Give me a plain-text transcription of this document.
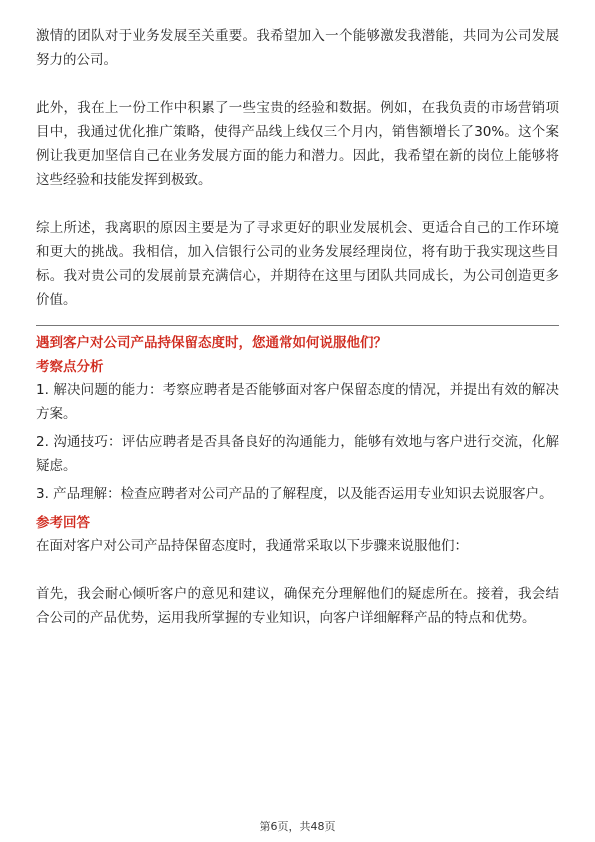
激情的团队对于业务发展至关重要。我希望加入一个能够激发我潜能，共同为公司发展努力的公司。

此外，我在上一份工作中积累了一些宝贵的经验和数据。例如，在我负责的市场营销项目中，我通过优化推广策略，使得产品线上线仅三个月内，销售额增长了30%。这个案例让我更加坚信自己在业务发展方面的能力和潜力。因此，我希望在新的岗位上能够将这些经验和技能发挥到极致。

综上所述，我离职的原因主要是为了寻求更好的职业发展机会、更适合自己的工作环境和更大的挑战。我相信，加入信银行公司的业务发展经理岗位，将有助于我实现这些目标。我对贵公司的发展前景充满信心，并期待在这里与团队共同成长，为公司创造更多价值。

遇到客户对公司产品持保留态度时，您通常如何说服他们？

考察点分析

1. 解决问题的能力：考察应聘者是否能够面对客户保留态度的情况，并提出有效的解决方案。

2. 沟通技巧：评估应聘者是否具备良好的沟通能力，能够有效地与客户进行交流，化解疑虑。

3. 产品理解：检查应聘者对公司产品的了解程度，以及能否运用专业知识去说服客户。

参考回答

在面对客户对公司产品持保留态度时，我通常采取以下步骤来说服他们：

首先，我会耐心倾听客户的意见和建议，确保充分理解他们的疑虑所在。接着，我会结合公司的产品优势，运用我所掌握的专业知识，向客户详细解释产品的特点和优势。

第6页，共48页
